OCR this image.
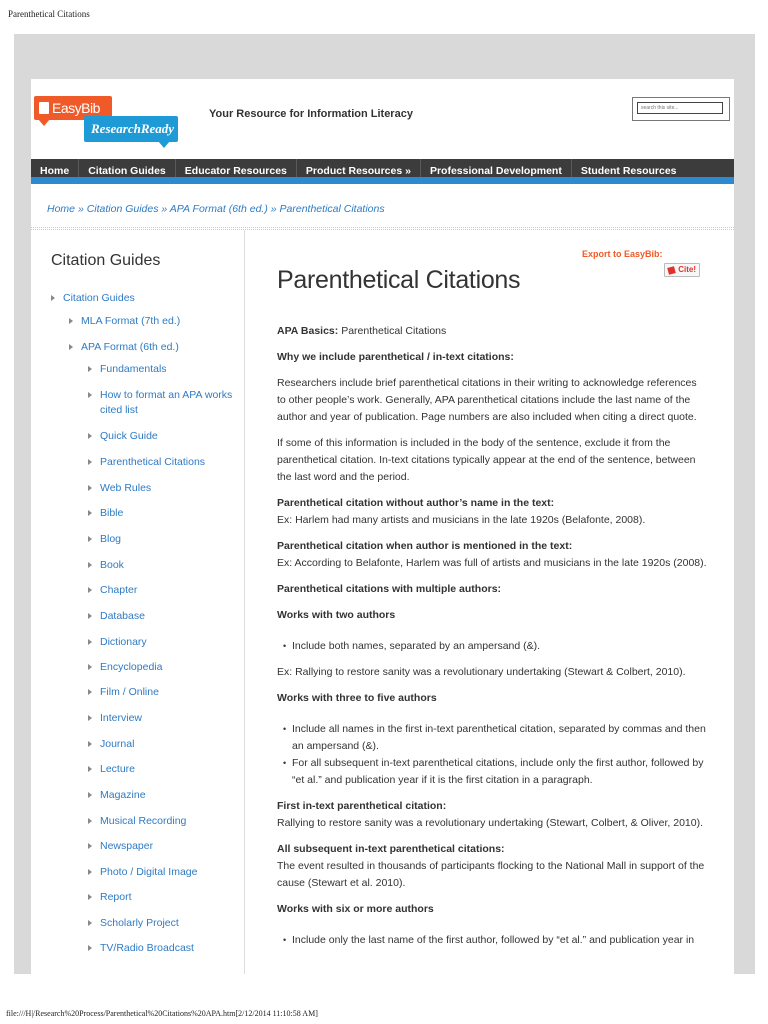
Parenthetical Citations
EasyBib
ResearchReady
Your Resource for Information Literacy
search this site...
Home	Citation Guides	Educator Resources	Product Resources »	Professional Development	Student Resources
Home » Citation Guides » APA Format (6th ed.) » Parenthetical Citations
Citation Guides
Citation Guides
MLA Format (7th ed.)
APA Format (6th ed.)
Fundamentals
How to format an APA works
cited list
Quick Guide
Parenthetical Citations
Web Rules
Bible
Blog
Book
Chapter
Database
Dictionary
Encyclopedia
Film / Online
Interview
Journal
Lecture
Magazine
Musical Recording
Newspaper
Photo / Digital Image
Report
Scholarly Project
TV/Radio Broadcast
Export to EasyBib:
Cite!
Parenthetical Citations

APA Basics: Parenthetical Citations

Why we include parenthetical / in-text citations:

Researchers include brief parenthetical citations in their writing to acknowledge references to other people’s work. Generally, APA parenthetical citations include the last name of the author and year of publication. Page numbers are also included when citing a direct quote.

If some of this information is included in the body of the sentence, exclude it from the parenthetical citation. In-text citations typically appear at the end of the sentence, between the last word and the period.

Parenthetical citation without author’s name in the text:
Ex: Harlem had many artists and musicians in the late 1920s (Belafonte, 2008).

Parenthetical citation when author is mentioned in the text:
Ex: According to Belafonte, Harlem was full of artists and musicians in the late 1920s (2008).

Parenthetical citations with multiple authors:

Works with two authors

• Include both names, separated by an ampersand (&).

Ex: Rallying to restore sanity was a revolutionary undertaking (Stewart & Colbert, 2010).

Works with three to five authors

• Include all names in the first in-text parenthetical citation, separated by commas and then an ampersand (&).
• For all subsequent in-text parenthetical citations, include only the first author, followed by “et al.” and publication year if it is the first citation in a paragraph.

First in-text parenthetical citation:
Rallying to restore sanity was a revolutionary undertaking (Stewart, Colbert, & Oliver, 2010).

All subsequent in-text parenthetical citations:
The event resulted in thousands of participants flocking to the National Mall in support of the cause (Stewart et al. 2010).

Works with six or more authors

• Include only the last name of the first author, followed by “et al.” and publication year in
file:///H|/Research%20Process/Parenthetical%20Citations%20APA.htm[2/12/2014 11:10:58 AM]
